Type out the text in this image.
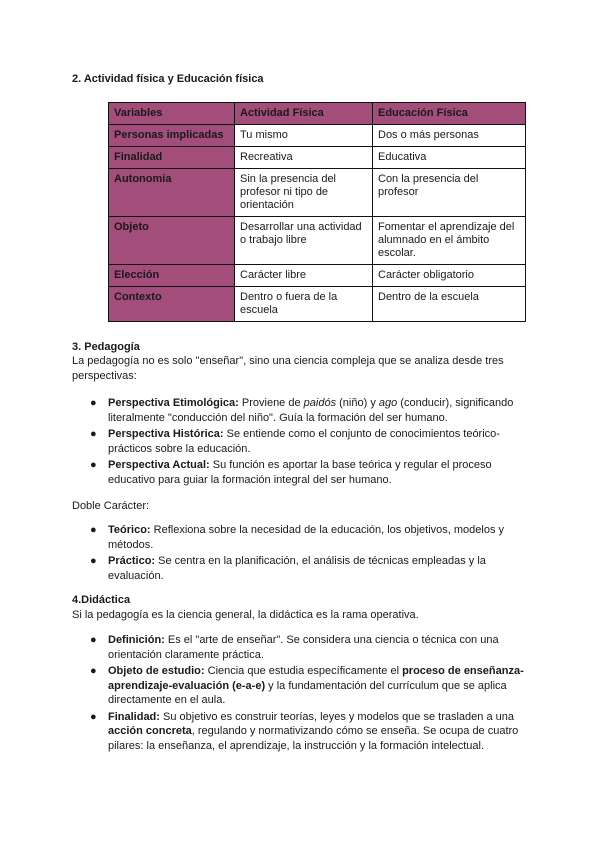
2. Actividad física y Educación física
Variables	Actividad Física	Educación Física
Personas implicadas	Tu mismo	Dos o más personas
Finalidad	Recreativa	Educativa
Autonomía	Sin la presencia del profesor ni tipo de orientación	Con la presencia del profesor
Objeto	Desarrollar una actividad o trabajo libre	Fomentar el aprendizaje del alumnado en el ámbito escolar.
Elección	Carácter libre	Carácter obligatorio
Contexto	Dentro o fuera de la escuela	Dentro de la escuela
3. Pedagogía
La pedagogía no es solo "enseñar", sino una ciencia compleja que se analiza desde tres perspectivas:
● Perspectiva Etimológica: Proviene de paidós (niño) y ago (conducir), significando literalmente "conducción del niño". Guía la formación del ser humano.
● Perspectiva Histórica: Se entiende como el conjunto de conocimientos teórico-prácticos sobre la educación.
● Perspectiva Actual: Su función es aportar la base teórica y regular el proceso educativo para guiar la formación integral del ser humano.
Doble Carácter:
● Teórico: Reflexiona sobre la necesidad de la educación, los objetivos, modelos y métodos.
● Práctico: Se centra en la planificación, el análisis de técnicas empleadas y la evaluación.
4.Didáctica
Si la pedagogía es la ciencia general, la didáctica es la rama operativa.
● Definición: Es el "arte de enseñar". Se considera una ciencia o técnica con una orientación claramente práctica.
● Objeto de estudio: Ciencia que estudia específicamente el proceso de enseñanza-aprendizaje-evaluación (e-a-e) y la fundamentación del currículum que se aplica directamente en el aula.
● Finalidad: Su objetivo es construir teorías, leyes y modelos que se trasladen a una acción concreta, regulando y normativizando cómo se enseña. Se ocupa de cuatro pilares: la enseñanza, el aprendizaje, la instrucción y la formación intelectual.
